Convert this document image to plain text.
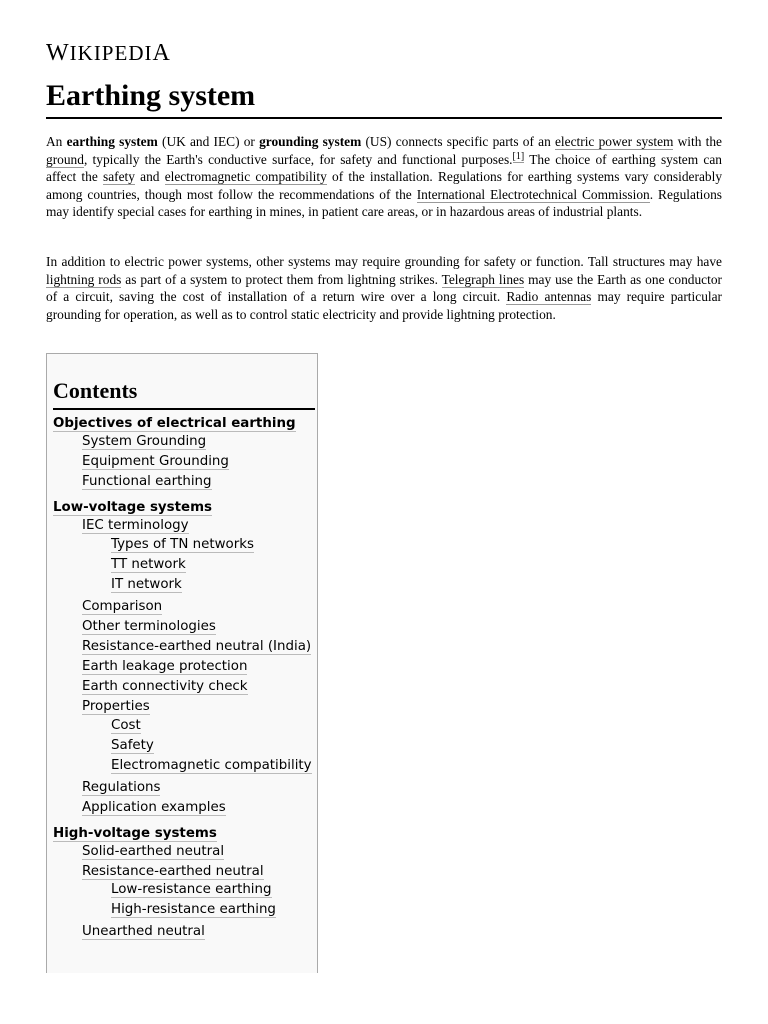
WIKIPEDIA
Earthing system

An earthing system (UK and IEC) or grounding system (US) connects specific parts of an electric power system with the ground, typically the Earth's conductive surface, for safety and functional purposes.[1] The choice of earthing system can affect the safety and electromagnetic compatibility of the installation. Regulations for earthing systems vary considerably among countries, though most follow the recommendations of the International Electrotechnical Commission. Regulations may identify special cases for earthing in mines, in patient care areas, or in hazardous areas of industrial plants.

In addition to electric power systems, other systems may require grounding for safety or function. Tall structures may have lightning rods as part of a system to protect them from lightning strikes. Telegraph lines may use the Earth as one conductor of a circuit, saving the cost of installation of a return wire over a long circuit. Radio antennas may require particular grounding for operation, as well as to control static electricity and provide lightning protection.

Contents
Objectives of electrical earthing
System Grounding
Equipment Grounding
Functional earthing
Low-voltage systems
IEC terminology
Types of TN networks
TT network
IT network
Comparison
Other terminologies
Resistance-earthed neutral (India)
Earth leakage protection
Earth connectivity check
Properties
Cost
Safety
Electromagnetic compatibility
Regulations
Application examples
High-voltage systems
Solid-earthed neutral
Resistance-earthed neutral
Low-resistance earthing
High-resistance earthing
Unearthed neutral
